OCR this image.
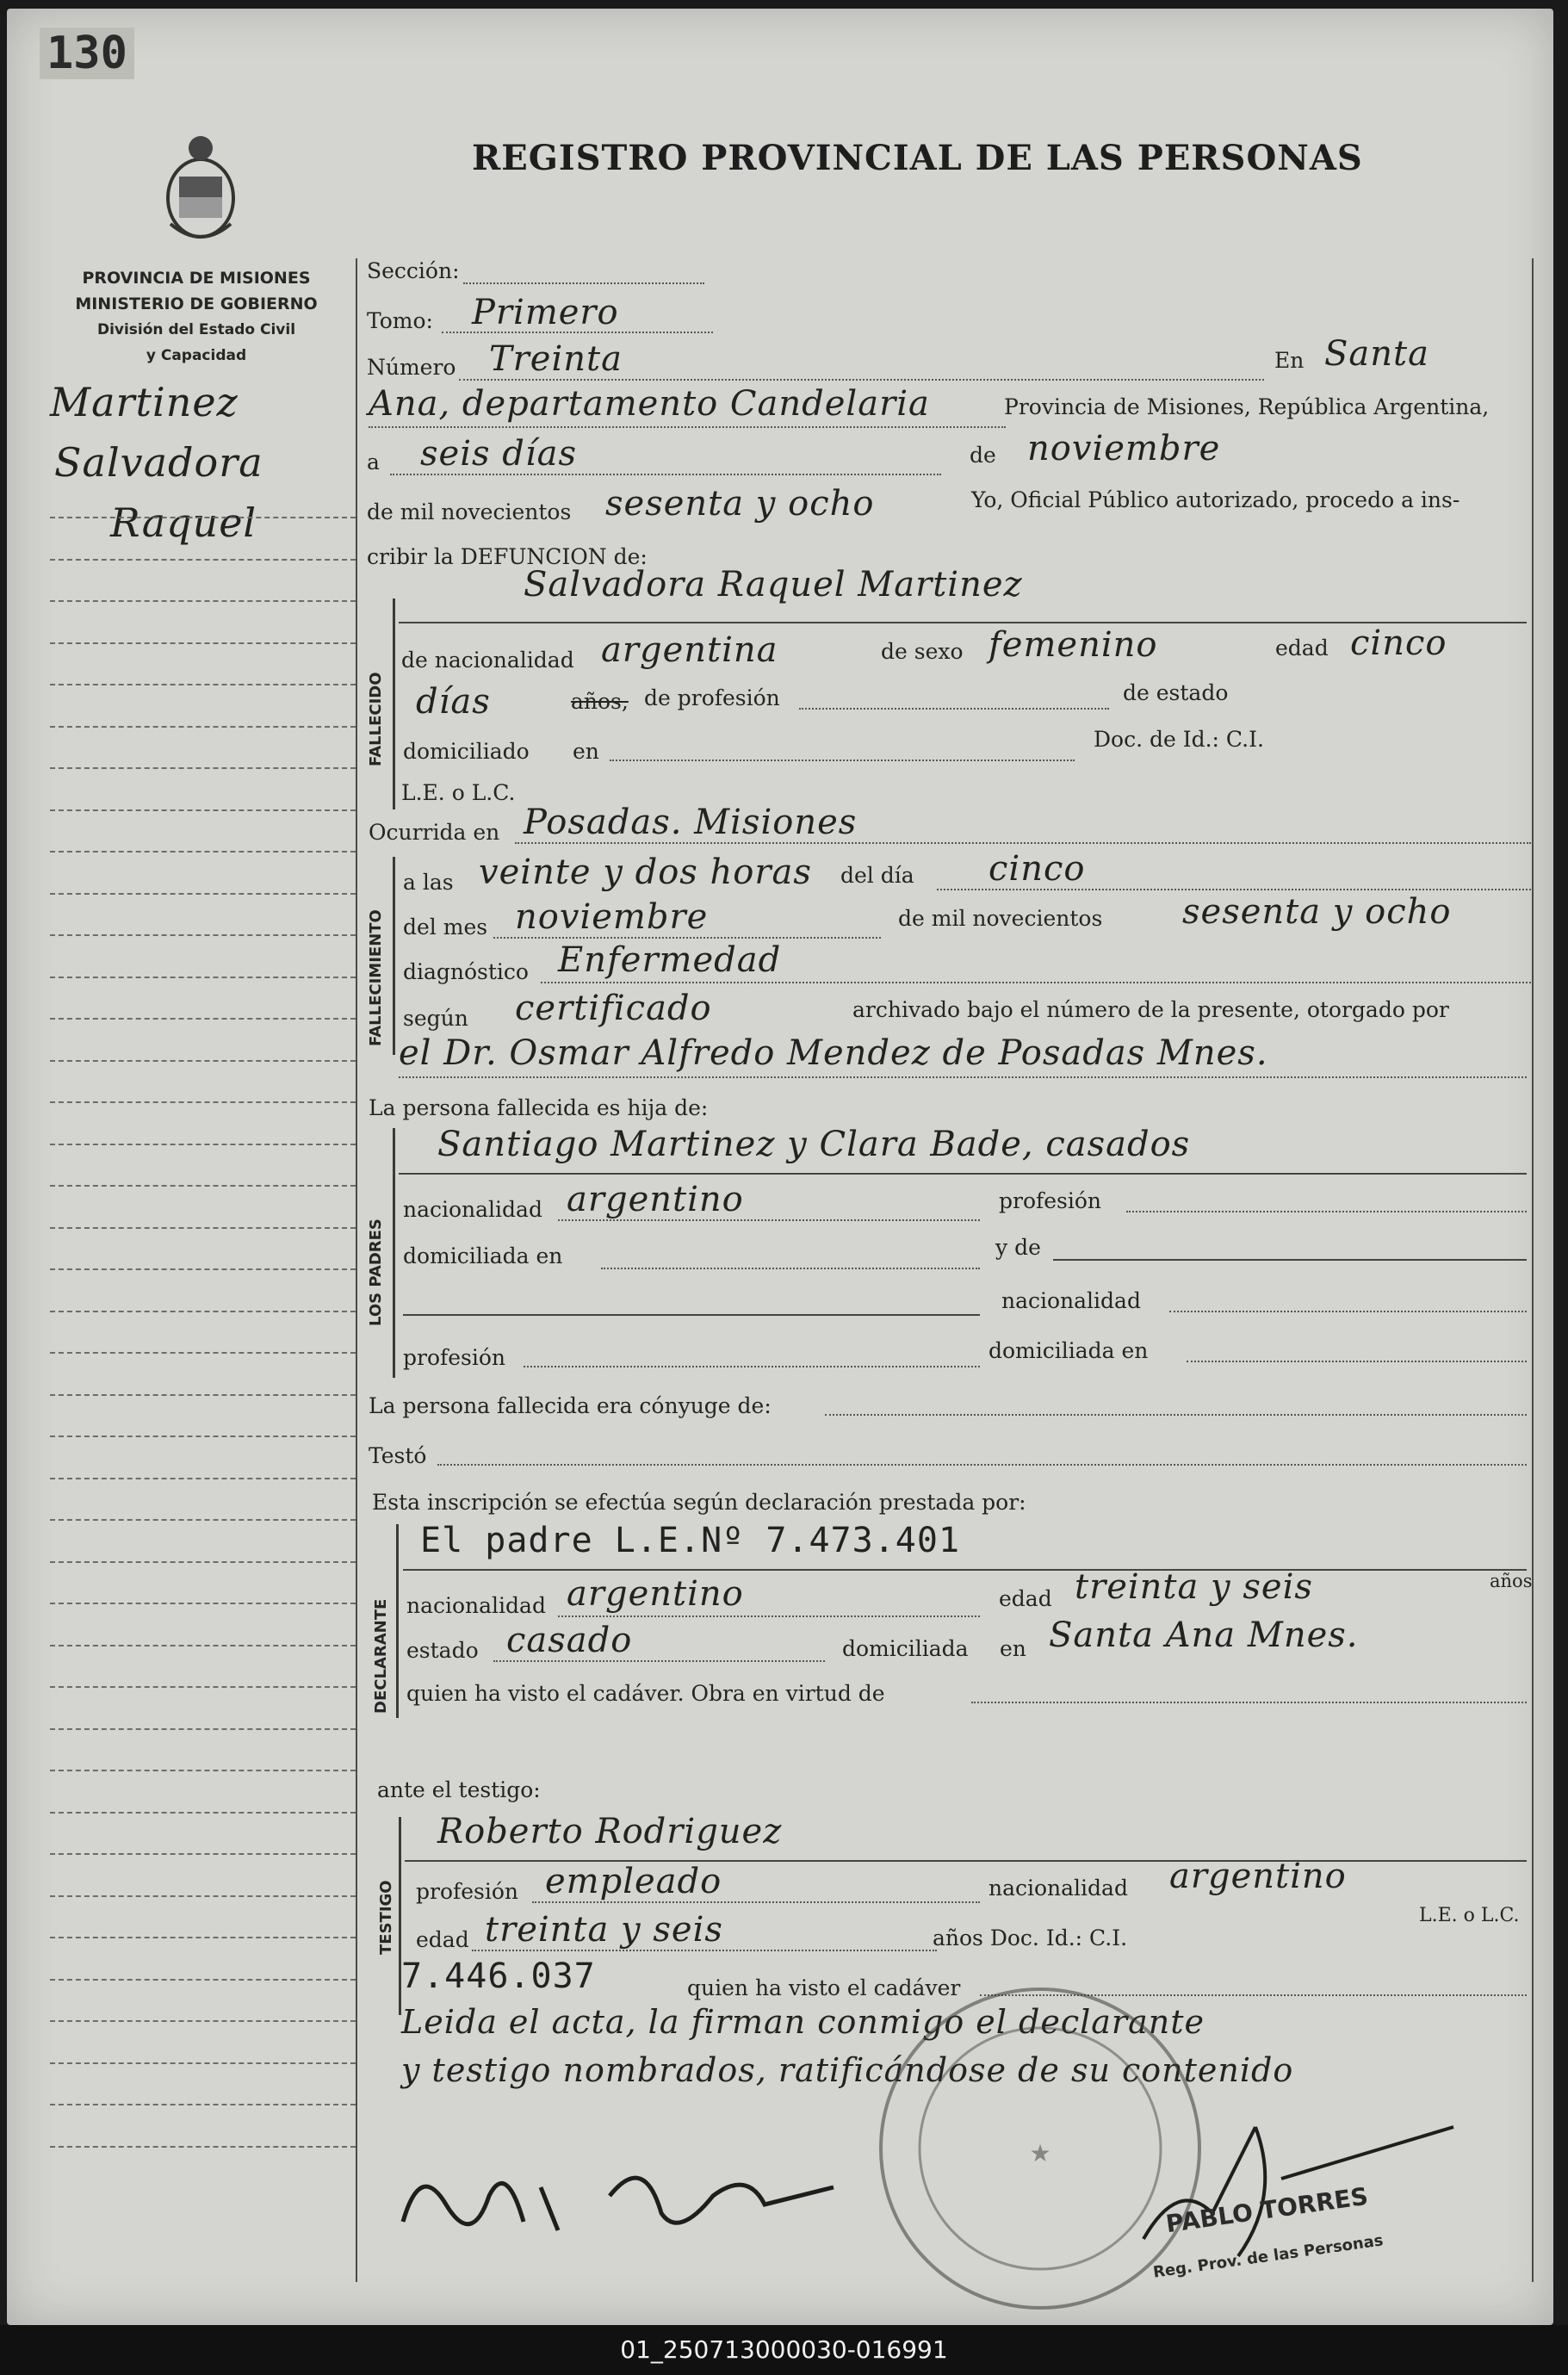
130
REGISTRO PROVINCIAL DE LAS PERSONAS
PROVINCIA DE MISIONES
MINISTERIO DE GOBIERNO
División del Estado Civil
y Capacidad
Martinez
Salvadora
Raquel
Sección:
Tomo: Primero
Número Treinta	En Santa
Ana, departamento Candelaria	Provincia de Misiones, República Argentina,
a seis días	de noviembre
de mil novecientos sesenta y ocho	Yo, Oficial Público autorizado, procedo a ins-
cribir la DEFUNCION de:
FALLECIDO
Salvadora Raquel Martinez
de nacionalidad argentina	de sexo femenino	edad cinco
días	años, de profesión	de estado
domiciliado en	Doc. de Id.: C.I.
L.E. o L.C.
Ocurrida en Posadas. Misiones
FALLECIMIENTO
a las veinte y dos horas del día cinco
del mes noviembre	de mil novecientos sesenta y ocho
diagnóstico Enfermedad
según certificado	archivado bajo el número de la presente, otorgado por
el Dr. Osmar Alfredo Mendez de Posadas Mnes.
La persona fallecida es hija de:
LOS PADRES
Santiago Martinez y Clara Bade, casados
nacionalidad argentino	profesión
domiciliada en	y de
nacionalidad
profesión	domiciliada en
La persona fallecida era cónyuge de:
Testó
Esta inscripción se efectúa según declaración prestada por:
DECLARANTE
El padre L.E.Nº 7.473.401
nacionalidad argentino	edad treinta y seis	años
estado casado	domiciliada en Santa Ana Mnes.
quien ha visto el cadáver. Obra en virtud de
ante el testigo:
TESTIGO
Roberto Rodriguez
profesión empleado	nacionalidad argentino
edad treinta y seis	años Doc. Id.: C.I.
L.E. o L.C.
7.446.037	quien ha visto el cadáver
Leida el acta, la firman conmigo el declarante
y testigo nombrados, ratificándose de su contenido
★
PABLO TORRES
Reg. Prov. de las Personas
01_250713000030-016991
